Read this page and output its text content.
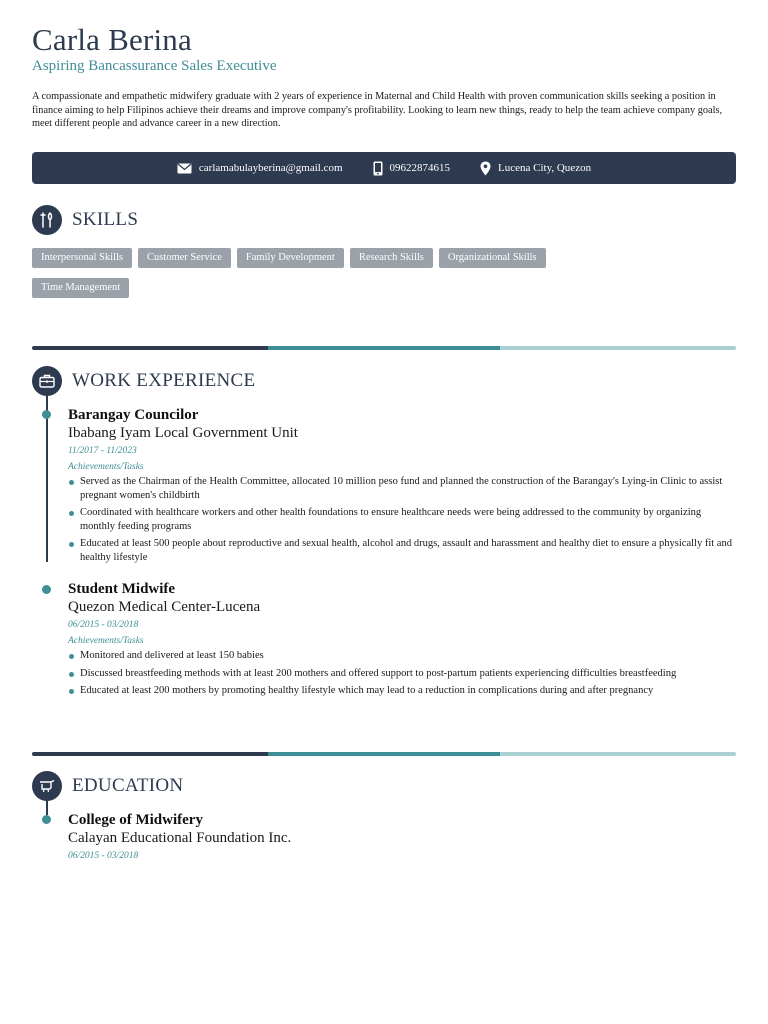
Carla Berina
Aspiring Bancassurance Sales Executive

A compassionate and empathetic midwifery graduate with 2 years of experience in Maternal and Child Health with proven communication skills seeking a position in finance aiming to help Filipinos achieve their dreams and improve company's profitability. Looking to learn new things, ready to help the team achieve company goals, meet different people and advance career in a new direction.

carlamabulayberina@gmail.com	09622874615	Lucena City, Quezon
SKILLS
Interpersonal Skills	Customer Service	Family Development	Research Skills	Organizational Skills
Time Management
WORK EXPERIENCE
Barangay Councilor
Ibabang Iyam Local Government Unit
11/2017 - 11/2023
Achievements/Tasks
Served as the Chairman of the Health Committee, allocated 10 million peso fund and planned the construction of the Barangay's Lying-in Clinic to assist pregnant women's childbirth
Coordinated with healthcare workers and other health foundations to ensure healthcare needs were being addressed to the community by organizing monthly feeding programs
Educated at least 500 people about reproductive and sexual health, alcohol and drugs, assault and harassment and healthy diet to ensure a physically fit and healthy lifestyle
Student Midwife
Quezon Medical Center-Lucena
06/2015 - 03/2018
Achievements/Tasks
Monitored and delivered at least 150 babies
Discussed breastfeeding methods with at least 200 mothers and offered support to post-partum patients experiencing difficulties breastfeeding
Educated at least 200 mothers by promoting healthy lifestyle which may lead to a reduction in complications during and after pregnancy
EDUCATION
College of Midwifery
Calayan Educational Foundation Inc.
06/2015 - 03/2018
